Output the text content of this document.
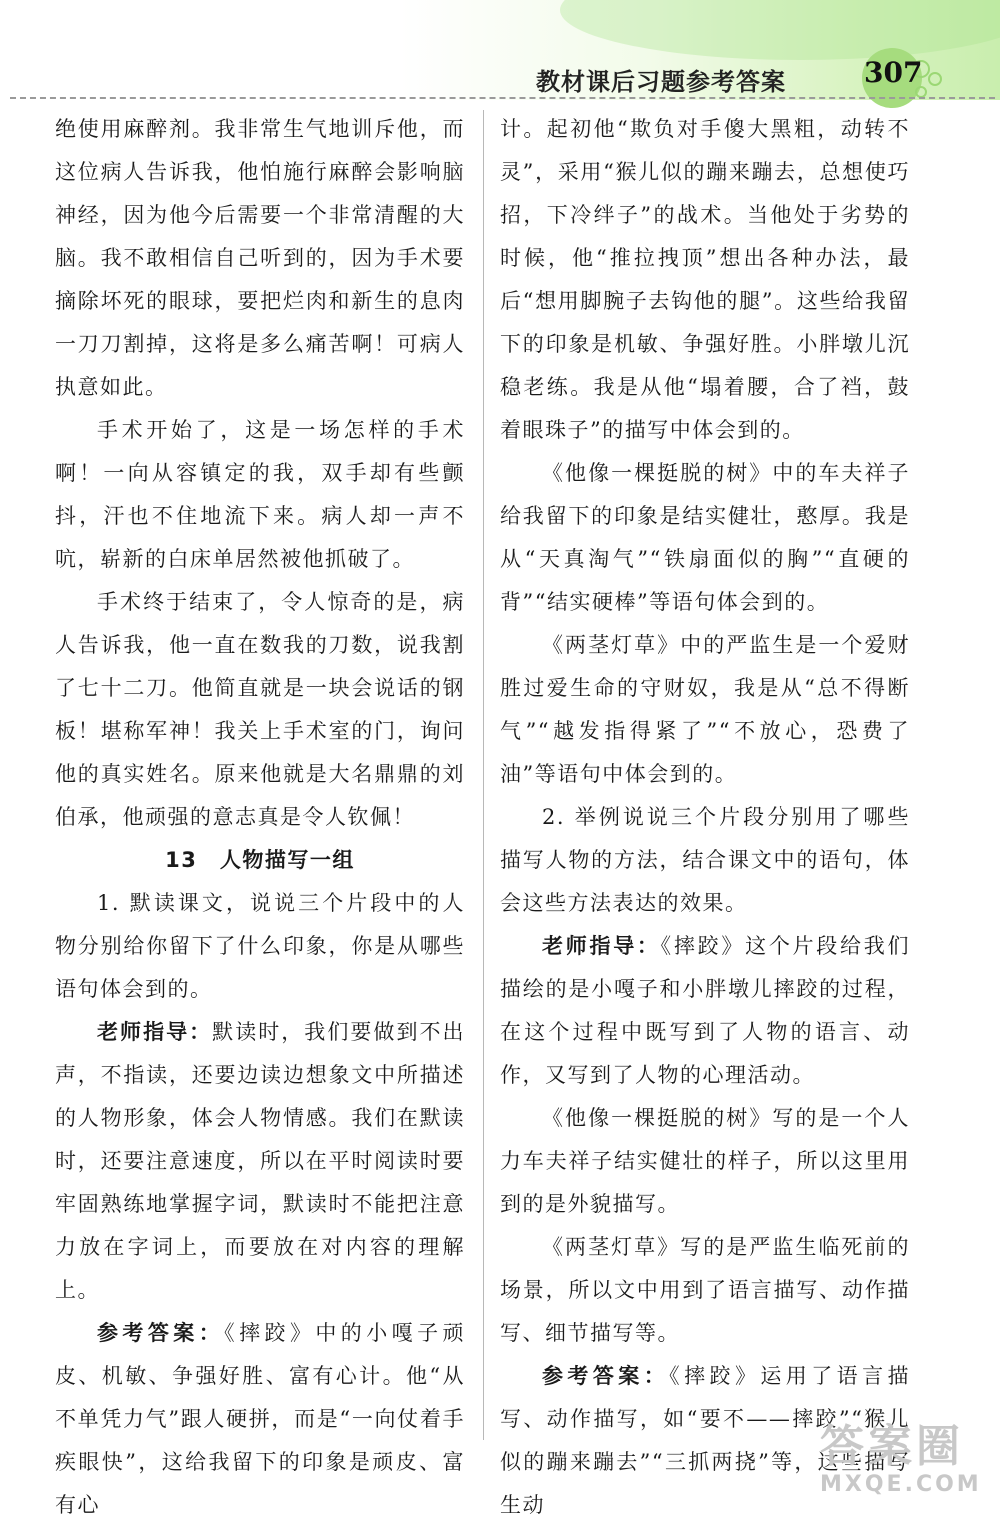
教材课后习题参考答案	307

绝使用麻醉剂。我非常生气地训斥他，而这位病人告诉我，他怕施行麻醉会影响脑神经，因为他今后需要一个非常清醒的大脑。我不敢相信自己听到的，因为手术要摘除坏死的眼球，要把烂肉和新生的息肉一刀刀割掉，这将是多么痛苦啊！可病人执意如此。

手术开始了，这是一场怎样的手术啊！一向从容镇定的我，双手却有些颤抖，汗也不住地流下来。病人却一声不吭，崭新的白床单居然被他抓破了。

手术终于结束了，令人惊奇的是，病人告诉我，他一直在数我的刀数，说我割了七十二刀。他简直就是一块会说话的钢板！堪称军神！我关上手术室的门，询问他的真实姓名。原来他就是大名鼎鼎的刘伯承，他顽强的意志真是令人钦佩！

13　人物描写一组

1. 默读课文，说说三个片段中的人物分别给你留下了什么印象，你是从哪些语句体会到的。

老师指导：默读时，我们要做到不出声，不指读，还要边读边想象文中所描述的人物形象，体会人物情感。我们在默读时，还要注意速度，所以在平时阅读时要牢固熟练地掌握字词，默读时不能把注意力放在字词上，而要放在对内容的理解上。

参考答案：《摔跤》中的小嘎子顽皮、机敏、争强好胜、富有心计。他“从不单凭力气”跟人硬拼，而是“一向仗着手疾眼快”，这给我留下的印象是顽皮、富有心

计。起初他“欺负对手傻大黑粗，动转不灵”，采用“猴儿似的蹦来蹦去，总想使巧招，下冷绊子”的战术。当他处于劣势的时候，他“推拉拽顶”想出各种办法，最后“想用脚腕子去钩他的腿”。这些给我留下的印象是机敏、争强好胜。小胖墩儿沉稳老练。我是从他“塌着腰，合了裆，鼓着眼珠子”的描写中体会到的。

《他像一棵挺脱的树》中的车夫祥子给我留下的印象是结实健壮，憨厚。我是从“天真淘气”“铁扇面似的胸”“直硬的背”“结实硬棒”等语句体会到的。

《两茎灯草》中的严监生是一个爱财胜过爱生命的守财奴，我是从“总不得断气”“越发指得紧了”“不放心，恐费了油”等语句中体会到的。

2. 举例说说三个片段分别用了哪些描写人物的方法，结合课文中的语句，体会这些方法表达的效果。

老师指导：《摔跤》这个片段给我们描绘的是小嘎子和小胖墩儿摔跤的过程，在这个过程中既写到了人物的语言、动作，又写到了人物的心理活动。

《他像一棵挺脱的树》写的是一个人力车夫祥子结实健壮的样子，所以这里用到的是外貌描写。

《两茎灯草》写的是严监生临死前的场景，所以文中用到了语言描写、动作描写、细节描写等。

参考答案：《摔跤》运用了语言描写、动作描写，如“要不——摔跤”“猴儿似的蹦来蹦去”“三抓两挠”等，这些描写生动

答案圈
MXQE.COM
